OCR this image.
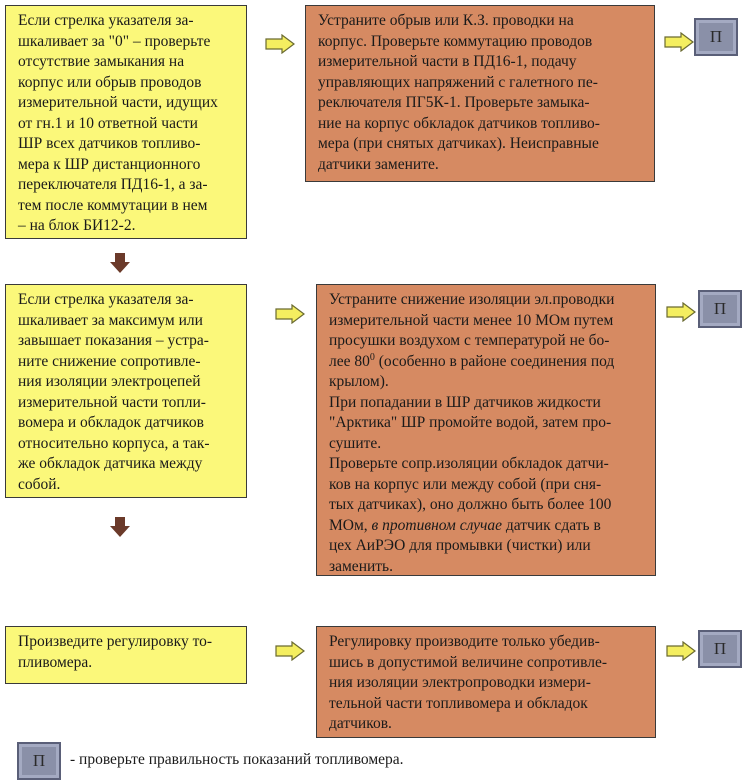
Если стрелка указателя за-
шкаливает за "0" – проверьте
отсутствие замыкания на
корпус или обрыв проводов
измерительной части, идущих
от гн.1 и 10 ответной части
ШР всех датчиков топливо-
мера к ШР дистанционного
переключателя ПД16-1, а за-
тем после коммутации в нем
– на блок БИ12-2.

Устраните обрыв или К.З. проводки на
корпус. Проверьте коммутацию проводов
измерительной части в ПД16-1, подачу
управляющих напряжений с галетного пе-
реключателя ПГ5К-1. Проверьте замыка-
ние на корпус обкладок датчиков топливо-
мера (при снятых датчиках). Неисправные
датчики замените.

П

Если стрелка указателя за-
шкаливает за максимум или
завышает показания – устра-
ните снижение сопротивле-
ния изоляции электроцепей
измерительной части топли-
вомера и обкладок датчиков
относительно корпуса, а так-
же обкладок датчика между
собой.

Устраните снижение изоляции эл.проводки
измерительной части менее 10 МОм путем
просушки воздухом с температурой не бо-
лее $80^0$ (особенно в районе соединения под
крылом).
При попадании в ШР датчиков жидкости
"Арктика" ШР промойте водой, затем про-
сушите.
Проверьте сопр.изоляции обкладок датчи-
ков на корпус или между собой (при сня-
тых датчиках), оно должно быть более 100
МОм, в противном случае датчик сдать в
цех АиРЭО для промывки (чистки) или
заменить.

П

Произведите регулировку то-
пливомера.

Регулировку производите только убедив-
шись в допустимой величине сопротивле-
ния изоляции электропроводки измери-
тельной части топливомера и обкладок
датчиков.

П
П - проверьте правильность показаний топливомера.
